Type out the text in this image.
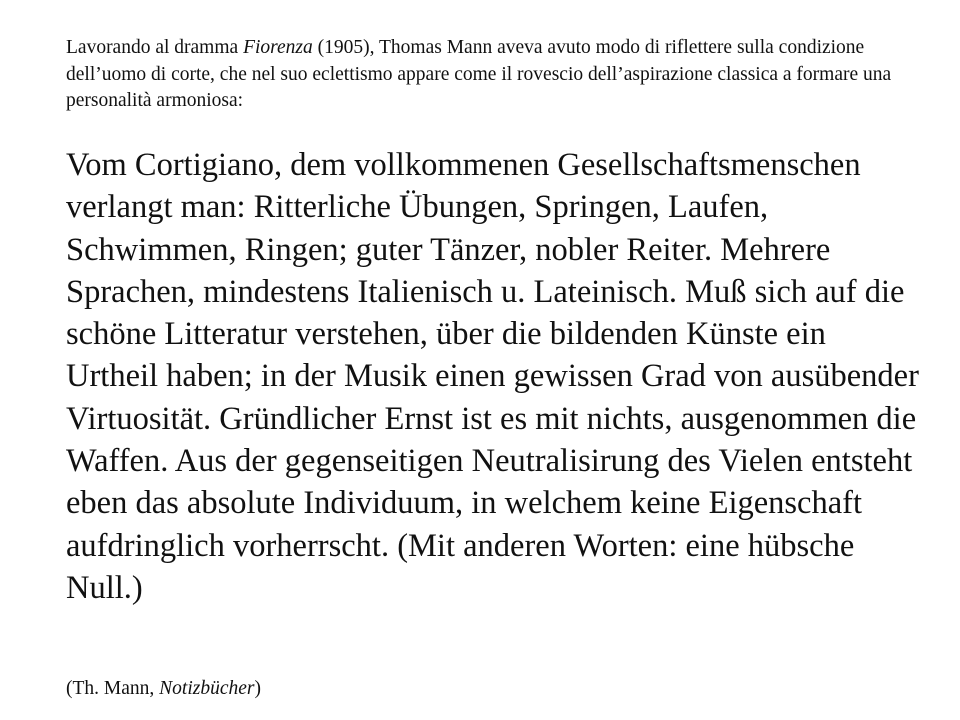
Lavorando al dramma Fiorenza (1905), Thomas Mann aveva avuto modo di riflettere sulla condizione dell’uomo di corte, che nel suo eclettismo appare come il rovescio dell’aspirazione classica a formare una personalità armoniosa:

Vom Cortigiano, dem vollkommenen Gesellschaftsmenschen verlangt man: Ritterliche Übungen, Springen, Laufen, Schwimmen, Ringen; guter Tänzer, nobler Reiter. Mehrere Sprachen, mindestens Italienisch u. Lateinisch. Muß sich auf die schöne Litteratur verstehen, über die bildenden Künste ein Urtheil haben; in der Musik einen gewissen Grad von ausübender Virtuosität. Gründlicher Ernst ist es mit nichts, ausgenommen die Waffen. Aus der gegenseitigen Neutralisirung des Vielen entsteht eben das absolute Individuum, in welchem keine Eigenschaft aufdringlich vorherrscht. (Mit anderen Worten: eine hübsche Null.)

(Th. Mann, Notizbücher)
